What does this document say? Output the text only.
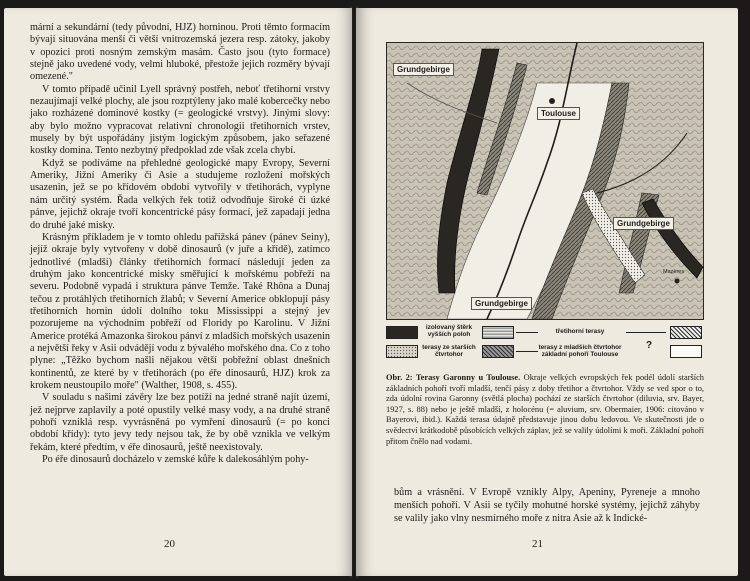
mární a sekundární (tedy původní, HJZ) horninou. Proti těmto formacím bývají situována menší či větší vnitrozemská jezera resp. zátoky, jakoby v opozici proti nosným zemským masám. Často jsou (tyto formace) stejně jako uvedené vody, velmi hluboké, přestože jejich rozměry bývají omezené."

V tomto případě učinil Lyell správný postřeh, neboť třetihorní vrstvy nezaujímají velké plochy, ale jsou rozptýleny jako malé kobercečky nebo jako rozházené dominové kostky (= geologické vrstvy). Jinými slovy: aby bylo možno vypracovat relativní chronologii třetihorních vrstev, musely by být uspořádány jistým logickým způsobem, jako seřazené kostky domina. Tento nezbytný předpoklad zde však zcela chybí.

Když se podíváme na přehledné geologické mapy Evropy, Severní Ameriky, Jižní Ameriky či Asie a studujeme rozložení mořských usazenin, jež se po křídovém období vytvořily v třetihorách, vyplyne nám určitý systém. Řada velkých řek totiž odvodňuje široké či úzké pánve, jejichž okraje tvoří koncentrické pásy formací, jež zapadají jedna do druhé jaké misky.

Krásným příkladem je v tomto ohledu pařížská pánev (pánev Seiny), jejíž okraje byly vytvořeny v době dinosaurů (v juře a křídě), zatímco jednotlivé (mladší) články třetihorních formací následují jeden za druhým jako koncentrické misky směřující k mořskému pobřeží na severu. Podobně vypadá i struktura pánve Temže. Také Rhôna a Dunaj tečou z protáhlých třetihorních žlabů; v Severní Americe obklopují pásy třetihorních hornin údolí dolního toku Mississippi a stejný jev pozorujeme na východním pobřeží od Floridy po Karolinu. V Jižní Americe protéká Amazonka širokou pánví z mladších mořských usazenin a největší řeky v Asii odvádějí vodu z bývalého mořského dna. Co z toho plyne: „Těžko bychom našli nějakou větší pobřežní oblast dnešních kontinentů, ze které by v třetihorách (po éře dinosaurů, HJZ) krok za krokem neustoupilo moře" (Walther, 1908, s. 455).

V souladu s našimi závěry lze bez potíží na jedné straně najít území, jež nejprve zaplavily a poté opustily velké masy vody, a na druhé straně pohoří vzniklá resp. vyvrásněná po vymření dinosaurů (= po konci období křídy): tyto jevy tedy nejsou tak, že by obě vznikla ve velkým řekám, které předtím, v éře dinosaurů, ještě neexistovaly.

Po éře dinosaurů docházelo v zemské kůře k dalekosáhlým pohy-

20
Grundgebirge
Toulouse
Grundgebirge
Grundgebirge
Mazères
izolovaný štěrk vyšších poloh
terasy ze starších čtvrtohor
třetihorní terasy
terasy z mladších čtvrtohor základní pohoří Toulouse
?
Obr. 2: Terasy Garonny u Toulouse. Okraje velkých evropských řek podél údolí starších základních pohoří tvoří mladší, tenčí pásy z doby třetihor a čtvrtohor. Vždy se ved spor o to, zda údolní rovina Garonny (světlá plocha) pochází ze starších čtvrtohor (diluvia, srv. Bayer, 1927, s. 88) nebo je ještě mladší, z holocénu (= aluvium, srv. Obermaier, 1906: citováno v Bayerovi, ibid.). Každá terasa údajně představuje jinou dobu ledovou. Ve skutečnosti jde o svědectví krátkodobě působících velkých záplav, jež se valily údolími k moři. Základní pohoří přitom čnělo nad vodami.
bům a vrásnění. V Evropě vznikly Alpy, Apeniny, Pyreneje a mnoho menších pohoří. V Asii se tyčily mohutné horské systémy, jejichž záhyby se valily jako vlny nesmírného moře z nitra Asie až k Indické-
21
